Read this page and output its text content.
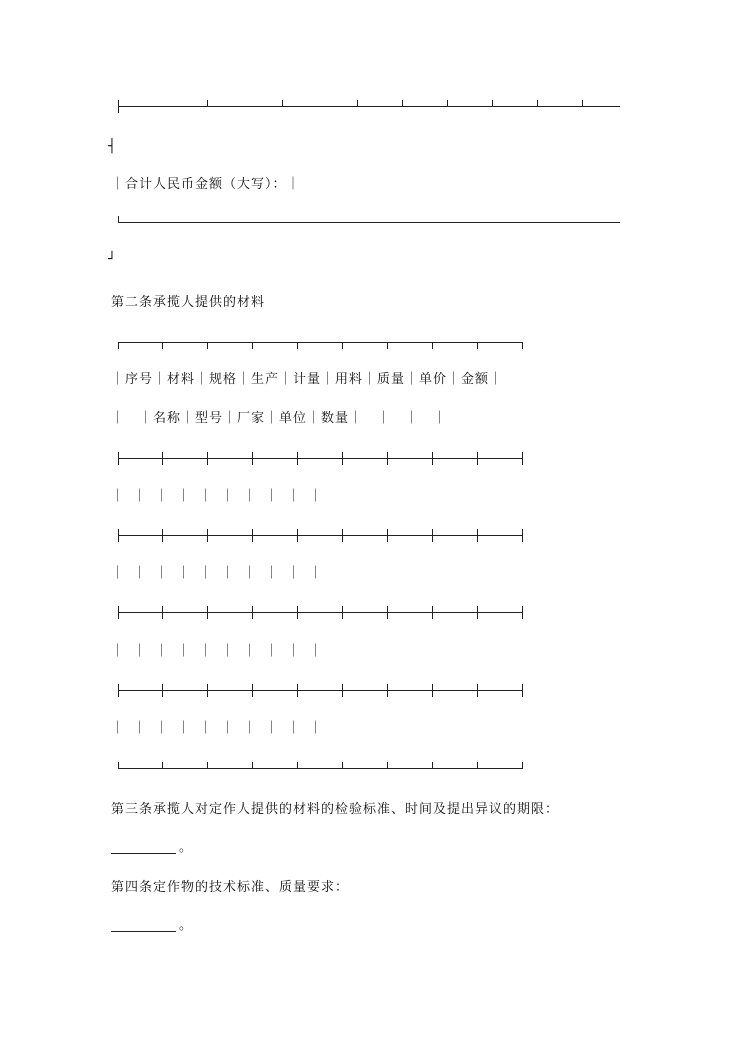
┤
｜合计人民币金额（大写）：｜
┘
第二条承揽人提供的材料
｜序号｜材料｜规格｜生产｜计量｜用料｜质量｜单价｜金额｜
｜　｜名称｜型号｜厂家｜单位｜数量｜　｜　｜　｜
｜　｜　｜　｜　｜　｜　｜　｜　｜　｜
｜　｜　｜　｜　｜　｜　｜　｜　｜　｜
｜　｜　｜　｜　｜　｜　｜　｜　｜　｜
｜　｜　｜　｜　｜　｜　｜　｜　｜　｜
第三条承揽人对定作人提供的材料的检验标准、时间及提出异议的期限：
。
第四条定作物的技术标准、质量要求：
。
